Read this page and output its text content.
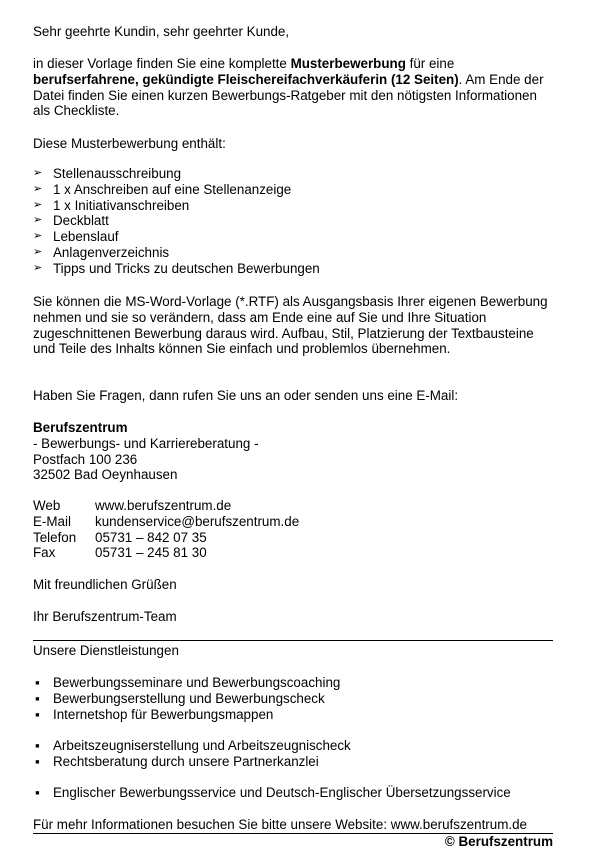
Sehr geehrte Kundin, sehr geehrter Kunde,

in dieser Vorlage finden Sie eine komplette Musterbewerbung für eine berufserfahrene, gekündigte Fleischereifachverkäuferin (12 Seiten). Am Ende der Datei finden Sie einen kurzen Bewerbungs-Ratgeber mit den nötigsten Informationen als Checkliste.

Diese Musterbewerbung enthält:

➢ Stellenausschreibung
➢ 1 x Anschreiben auf eine Stellenanzeige
➢ 1 x Initiativanschreiben
➢ Deckblatt
➢ Lebenslauf
➢ Anlagenverzeichnis
➢ Tipps und Tricks zu deutschen Bewerbungen

Sie können die MS-Word-Vorlage (*.RTF) als Ausgangsbasis Ihrer eigenen Bewerbung nehmen und sie so verändern, dass am Ende eine auf Sie und Ihre Situation zugeschnittenen Bewerbung daraus wird. Aufbau, Stil, Platzierung der Textbausteine und Teile des Inhalts können Sie einfach und problemlos übernehmen.

Haben Sie Fragen, dann rufen Sie uns an oder senden uns eine E-Mail:

Berufszentrum

- Bewerbungs- und Karriereberatung -

Postfach 100 236

32502 Bad Oeynhausen

Web	www.berufszentrum.de
E-Mail kundenservice@berufszentrum.de
Telefon 05731 – 842 07 35
Fax	05731 – 245 81 30

Mit freundlichen Grüßen

Ihr Berufszentrum-Team

Unsere Dienstleistungen

▪ Bewerbungsseminare und Bewerbungscoaching
▪ Bewerbungserstellung und Bewerbungscheck
▪ Internetshop für Bewerbungsmappen
▪ Arbeitszeugniserstellung und Arbeitszeugnischeck
▪ Rechtsberatung durch unsere Partnerkanzlei
▪ Englischer Bewerbungsservice und Deutsch-Englischer Übersetzungsservice

Für mehr Informationen besuchen Sie bitte unsere Website: www.berufszentrum.de

© Berufszentrum
